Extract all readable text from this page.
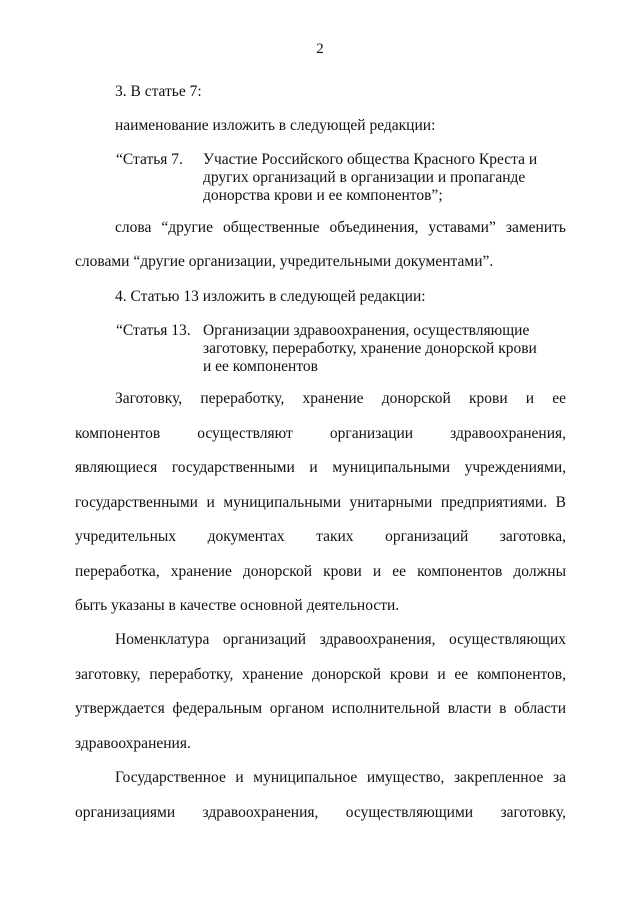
2
3. В статье 7:
наименование изложить в следующей редакции:
“Статья 7. Участие Российского общества Красного Креста и
других организаций в организации и пропаганде
донорства крови и ее компонентов”;
слова “другие общественные объединения, уставами” заменить
словами “другие организации, учредительными документами”.
4. Статью 13 изложить в следующей редакции:
“Статья 13. Организации здравоохранения, осуществляющие
заготовку, переработку, хранение донорской крови
и ее компонентов
Заготовку, переработку, хранение донорской крови и ее
компонентов осуществляют организации здравоохранения,
являющиеся государственными и муниципальными учреждениями,
государственными и муниципальными унитарными предприятиями. В
учредительных документах таких организаций заготовка,
переработка, хранение донорской крови и ее компонентов должны
быть указаны в качестве основной деятельности.
Номенклатура организаций здравоохранения, осуществляющих
заготовку, переработку, хранение донорской крови и ее компонентов,
утверждается федеральным органом исполнительной власти в области
здравоохранения.
Государственное и муниципальное имущество, закрепленное за
организациями здравоохранения, осуществляющими заготовку,
